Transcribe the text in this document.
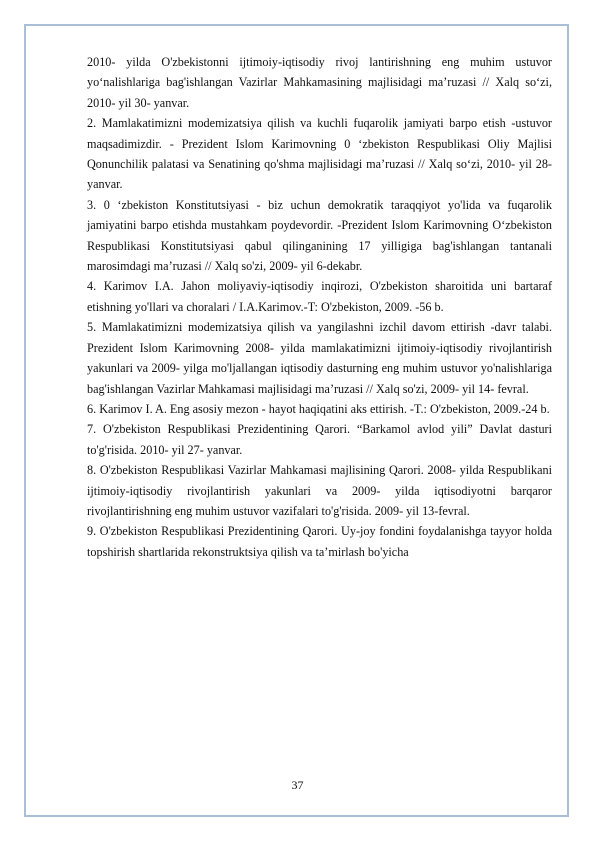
2010- yilda O'zbekistonni ijtimoiy-iqtisodiy rivoj lantirishning eng muhim ustuvor yo‘nalishlariga bag'ishlangan Vazirlar Mahkamasining majlisidagi ma’ruzasi // Xalq so‘zi, 2010- yil 30- yanvar.

2. Mamlakatimizni modemizatsiya qilish va kuchli fuqarolik jamiyati barpo etish -ustuvor maqsadimizdir. - Prezident Islom Karimovning 0 ‘zbekiston Respublikasi Oliy Majlisi Qonunchilik palatasi va Senatining qo'shma majlisidagi ma’ruzasi // Xalq so‘zi, 2010- yil 28-yanvar.

3. 0 ‘zbekiston Konstitutsiyasi - biz uchun demokratik taraqqiyot yo'lida va fuqarolik jamiyatini barpo etishda mustahkam poydevordir. -Prezident Islom Karimovning O‘zbekiston Respublikasi Konstitutsiyasi qabul qilinganining 17 yilligiga bag'ishlangan tantanali marosimdagi ma’ruzasi // Xalq so'zi, 2009- yil 6-dekabr.

4. Karimov I.A. Jahon moliyaviy-iqtisodiy inqirozi, O'zbekiston sharoitida uni bartaraf etishning yo'llari va choralari / I.A.Karimov.-T: O'zbekiston, 2009. -56 b.

5. Mamlakatimizni modemizatsiya qilish va yangilashni izchil davom ettirish -davr talabi. Prezident Islom Karimovning 2008- yilda mamlakatimizni ijtimoiy-iqtisodiy rivojlantirish yakunlari va 2009- yilga mo'ljallangan iqtisodiy dasturning eng muhim ustuvor yo'nalishlariga bag'ishlangan Vazirlar Mahkamasi majlisidagi ma’ruzasi // Xalq so'zi, 2009- yil 14- fevral.

6. Karimov I. A. Eng asosiy mezon - hayot haqiqatini aks ettirish. -T.: O'zbekiston, 2009.-24 b.

7. O'zbekiston Respublikasi Prezidentining Qarori. “Barkamol avlod yili” Davlat dasturi to'g'risida. 2010- yil 27- yanvar.

8. O'zbekiston Respublikasi Vazirlar Mahkamasi majlisining Qarori. 2008- yilda Respublikani ijtimoiy-iqtisodiy rivojlantirish yakunlari va 2009- yilda iqtisodiyotni barqaror rivojlantirishning eng muhim ustuvor vazifalari to'g'risida. 2009- yil 13-fevral.

9. O'zbekiston Respublikasi Prezidentining Qarori. Uy-joy fondini foydalanishga tayyor holda topshirish shartlarida rekonstruktsiya qilish va ta’mirlash bo'yicha

37
